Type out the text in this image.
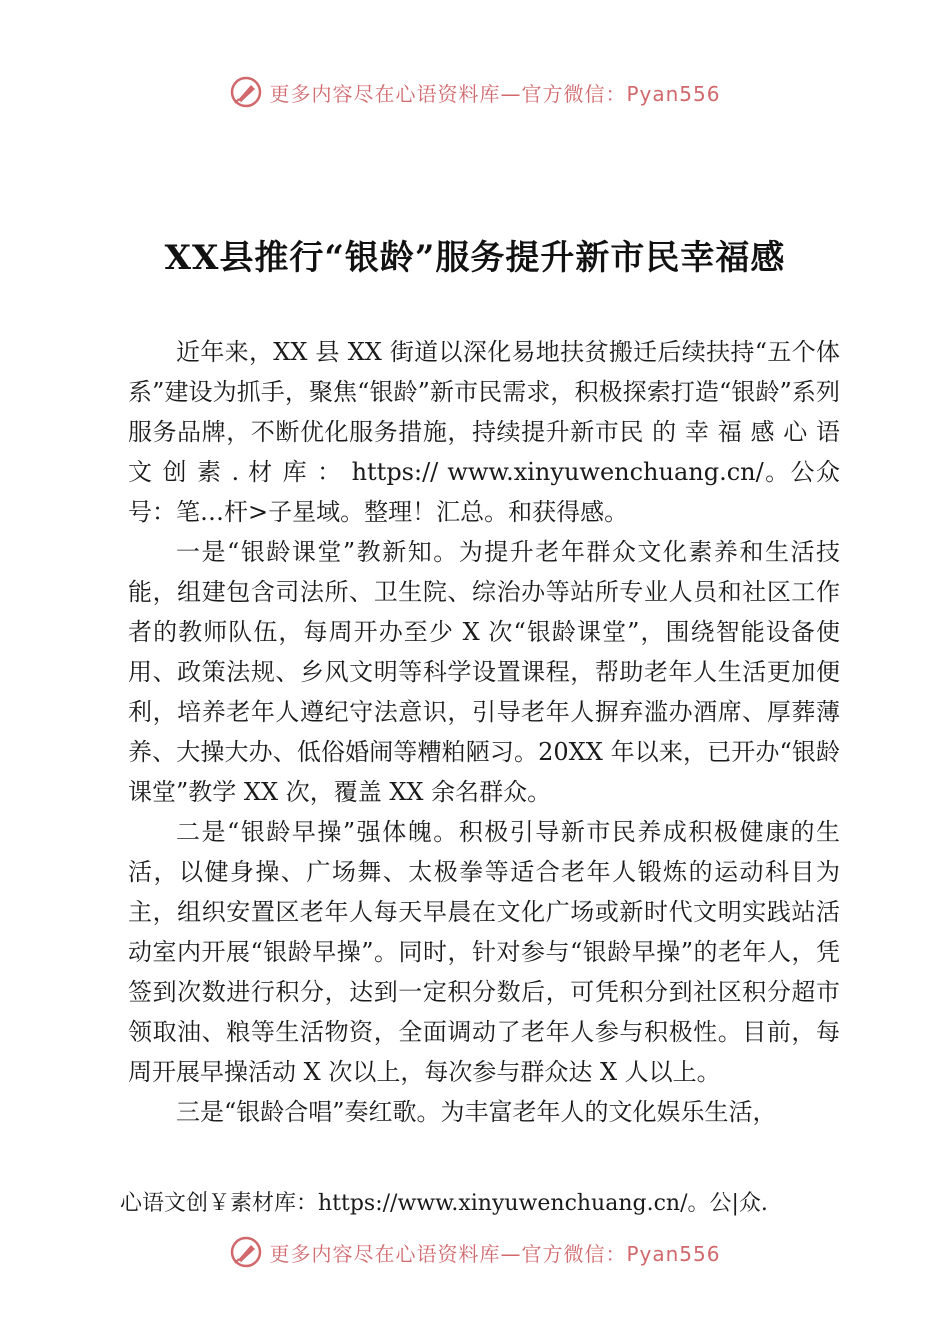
更多内容尽在心语资料库—官方微信：Pyan556
XX县推行“银龄”服务提升新市民幸福感

近年来，XX 县 XX 街道以深化易地扶贫搬迁后续扶持“五个体系”建设为抓手，聚焦“银龄”新市民需求，积极探索打造“银龄”系列服务品牌，不断优化服务措施，持续提升新市民 的 幸 福 感 心 语 文 创 素 . 材 库 ： https:// www.xinyuwenchuang.cn/。公众号：笔…杆>子星域。整理！汇总。和获得感。

一是“银龄课堂”教新知。为提升老年群众文化素养和生活技能，组建包含司法所、卫生院、综治办等站所专业人员和社区工作者的教师队伍，每周开办至少 X 次“银龄课堂”，围绕智能设备使用、政策法规、乡风文明等科学设置课程，帮助老年人生活更加便利，培养老年人遵纪守法意识，引导老年人摒弃滥办酒席、厚葬薄养、大操大办、低俗婚闹等糟粕陋习。20XX 年以来，已开办“银龄课堂”教学 XX 次，覆盖 XX 余名群众。

二是“银龄早操”强体魄。积极引导新市民养成积极健康的生活，以健身操、广场舞、太极拳等适合老年人锻炼的运动科目为主，组织安置区老年人每天早晨在文化广场或新时代文明实践站活动室内开展“银龄早操”。同时，针对参与“银龄早操”的老年人，凭签到次数进行积分，达到一定积分数后，可凭积分到社区积分超市领取油、粮等生活物资，全面调动了老年人参与积极性。目前，每周开展早操活动 X 次以上，每次参与群众达 X 人以上。

三是“银龄合唱”奏红歌。为丰富老年人的文化娱乐生活，

心语文创￥素材库：https://www.xinyuwenchuang.cn/。公|众.

更多内容尽在心语资料库—官方微信：Pyan556
